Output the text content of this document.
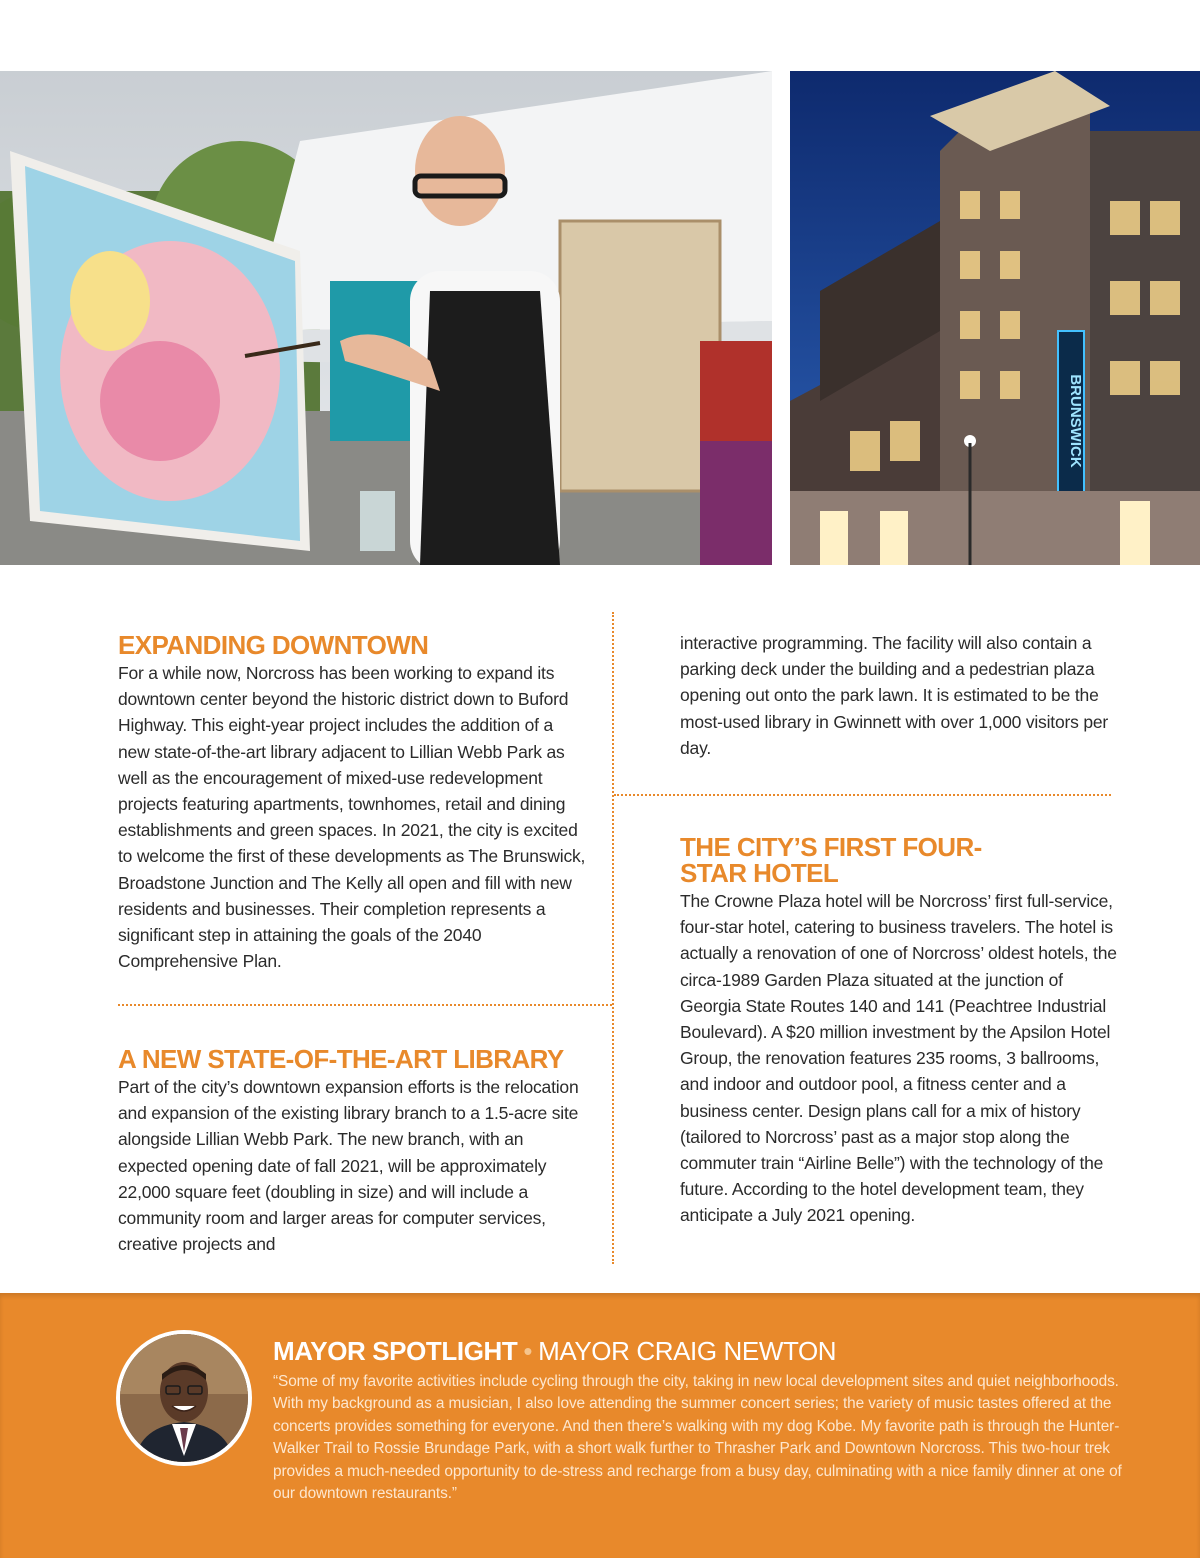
BRUNSWICK
EXPANDING DOWNTOWN

For a while now, Norcross has been working to expand its downtown center beyond the historic district down to Buford Highway. This eight-year project includes the addition of a new state-of-the-art library adjacent to Lillian Webb Park as well as the encouragement of mixed-use redevelopment projects featuring apartments, townhomes, retail and dining establishments and green spaces. In 2021, the city is excited to welcome the first of these developments as The Brunswick, Broadstone Junction and The Kelly all open and fill with new residents and businesses. Their completion represents a significant step in attaining the goals of the 2040 Comprehensive Plan.

A NEW STATE-OF-THE-ART LIBRARY

Part of the city’s downtown expansion efforts is the relocation and expansion of the existing library branch to a 1.5-acre site alongside Lillian Webb Park. The new branch, with an expected opening date of fall 2021, will be approximately 22,000 square feet (doubling in size) and will include a community room and larger areas for computer services, creative projects and

interactive programming. The facility will also contain a parking deck under the building and a pedestrian plaza opening out onto the park lawn. It is estimated to be the most-used library in Gwinnett with over 1,000 visitors per day.

THE CITY’S FIRST FOUR-STAR HOTEL

The Crowne Plaza hotel will be Norcross’ first full-service, four-star hotel, catering to business travelers. The hotel is actually a renovation of one of Norcross’ oldest hotels, the circa-1989 Garden Plaza situated at the junction of Georgia State Routes 140 and 141 (Peachtree Industrial Boulevard). A $20 million investment by the Apsilon Hotel Group, the renovation features 235 rooms, 3 ballrooms, and indoor and outdoor pool, a fitness center and a business center. Design plans call for a mix of history (tailored to Norcross’ past as a major stop along the commuter train “Airline Belle”) with the technology of the future. According to the hotel development team, they anticipate a July 2021 opening.

MAYOR SPOTLIGHT • MAYOR CRAIG NEWTON

“Some of my favorite activities include cycling through the city, taking in new local development sites and quiet neighborhoods. With my background as a musician, I also love attending the summer concert series; the variety of music tastes offered at the concerts provides something for everyone. And then there’s walking with my dog Kobe. My favorite path is through the Hunter-Walker Trail to Rossie Brundage Park, with a short walk further to Thrasher Park and Downtown Norcross. This two-hour trek provides a much-needed opportunity to de-stress and recharge from a busy day, culminating with a nice family dinner at one of our downtown restaurants.”
